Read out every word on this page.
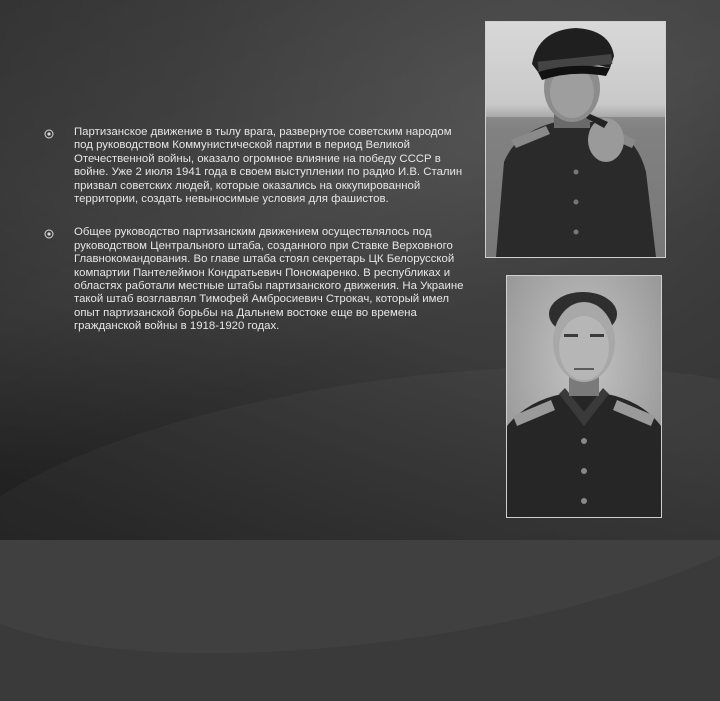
Партизанское движение в тылу врага, развернутое советским народом под руководством Коммунистической партии в период Великой Отечественной войны, оказало огромное влияние на победу СССР в войне. Уже 2 июля 1941 года в своем выступлении по радио И.В. Сталин призвал советских людей, которые оказались на оккупированной территории, создать невыносимые условия для фашистов.
Общее руководство партизанским движением осуществлялось под руководством Центрального штаба, созданного при Ставке Верховного Главнокомандования. Во главе штаба стоял секретарь ЦК Белорусской компартии Пантелеймон Кондратьевич Пономаренко. В республиках и областях работали местные штабы партизанского движения. На Украине такой штаб возглавлял Тимофей Амбросиевич Строкач, который имел опыт партизанской борьбы на Дальнем востоке еще во времена гражданской войны в 1918-1920 годах.
